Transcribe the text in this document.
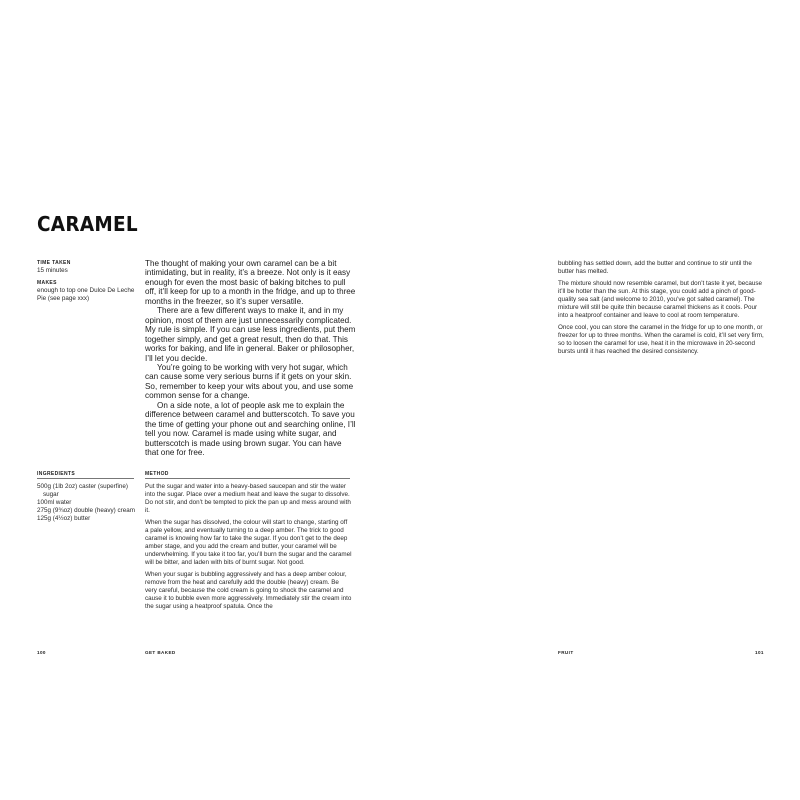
CARAMEL
TIME TAKEN
15 minutes
MAKES
enough to top one Dulce De Leche Pie (see page xxx)

The thought of making your own caramel can be a bit intimidating, but in reality, it’s a breeze. Not only is it easy enough for even the most basic of baking bitches to pull off, it’ll keep for up to a month in the fridge, and up to three months in the freezer, so it’s super versatile.

There are a few different ways to make it, and in my opinion, most of them are just unnecessarily complicated. My rule is simple. If you can use less ingredients, put them together simply, and get a great result, then do that. This works for baking, and life in general. Baker or philosopher, I’ll let you decide.

You’re going to be working with very hot sugar, which can cause some very serious burns if it gets on your skin. So, remember to keep your wits about you, and use some common sense for a change.

On a side note, a lot of people ask me to explain the difference between caramel and butterscotch. To save you the time of getting your phone out and searching online, I’ll tell you now. Caramel is made using white sugar, and butterscotch is made using brown sugar. You can have that one for free.

INGREDIENTS
500g (1lb 2oz) caster (superfine) sugar
100ml water
275g (9¾oz) double (heavy) cream
125g (4½oz) butter
METHOD

Put the sugar and water into a heavy-based saucepan and stir the water into the sugar. Place over a medium heat and leave the sugar to dissolve. Do not stir, and don’t be tempted to pick the pan up and mess around with it.

When the sugar has dissolved, the colour will start to change, starting off a pale yellow, and eventually turning to a deep amber. The trick to good caramel is knowing how far to take the sugar. If you don’t get to the deep amber stage, and you add the cream and butter, your caramel will be underwhelming. If you take it too far, you’ll burn the sugar and the caramel will be bitter, and laden with bits of burnt sugar. Not good.

When your sugar is bubbling aggressively and has a deep amber colour, remove from the heat and carefully add the double (heavy) cream. Be very careful, because the cold cream is going to shock the caramel and cause it to bubble even more aggressively. Immediately stir the cream into the sugar using a heatproof spatula. Once the

bubbling has settled down, add the butter and continue to stir until the butter has melted.

The mixture should now resemble caramel, but don’t taste it yet, because it’ll be hotter than the sun. At this stage, you could add a pinch of good-quality sea salt (and welcome to 2010, you’ve got salted caramel). The mixture will still be quite thin because caramel thickens as it cools. Pour into a heatproof container and leave to cool at room temperature.

Once cool, you can store the caramel in the fridge for up to one month, or freezer for up to three months. When the caramel is cold, it’ll set very firm, so to loosen the caramel for use, heat it in the microwave in 20-second bursts until it has reached the desired consistency.

100	GET BAKED	FRUIT	101
